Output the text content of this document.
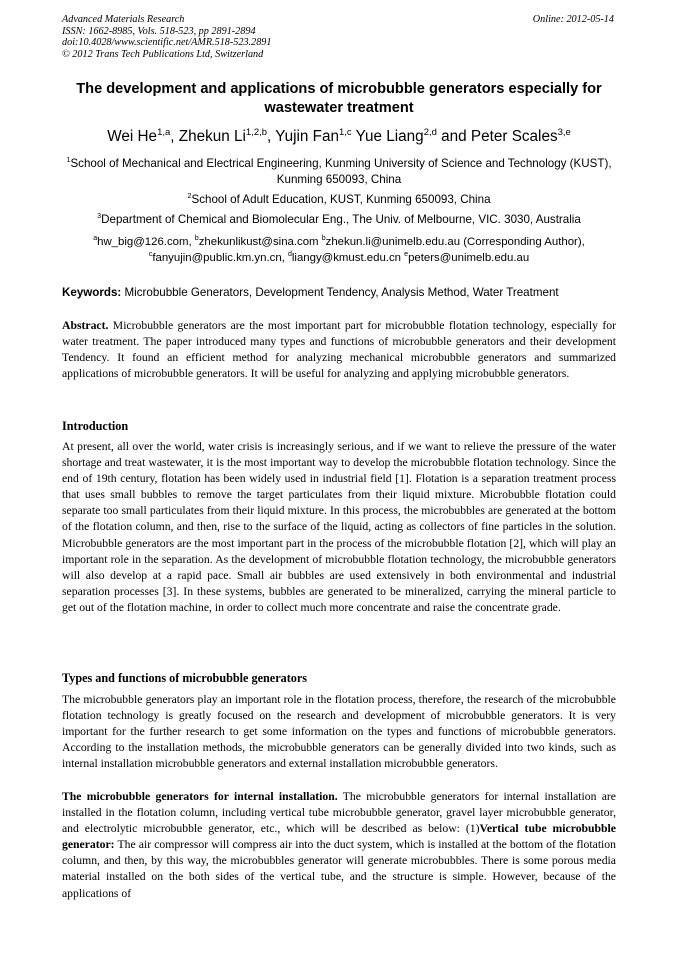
Advanced Materials Research
ISSN: 1662-8985, Vols. 518-523, pp 2891-2894
doi:10.4028/www.scientific.net/AMR.518-523.2891
© 2012 Trans Tech Publications Ltd, Switzerland
Online: 2012-05-14
The development and applications of microbubble generators especially for wastewater treatment
Wei He$^{1,a}$, Zhekun Li$^{1,2,b}$, Yujin Fan$^{1,c}$ Yue Liang$^{2,d}$ and Peter Scales$^{3,e}$
$^1$School of Mechanical and Electrical Engineering, Kunming University of Science and Technology (KUST), Kunming 650093, China
$^2$School of Adult Education, KUST, Kunming 650093, China
$^3$Department of Chemical and Biomolecular Eng., The Univ. of Melbourne, VIC. 3030, Australia
$^a$hw_big@126.com, $^b$zhekunlikust@sina.com $^b$zhekun.li@unimelb.edu.au (Corresponding Author),
$^c$fanyujin@public.km.yn.cn, $^d$liangy@kmust.edu.cn $^e$peters@unimelb.edu.au
Keywords: Microbubble Generators, Development Tendency, Analysis Method, Water Treatment
Abstract. Microbubble generators are the most important part for microbubble flotation technology, especially for water treatment. The paper introduced many types and functions of microbubble generators and their development Tendency. It found an efficient method for analyzing mechanical microbubble generators and summarized applications of microbubble generators. It will be useful for analyzing and applying microbubble generators.
Introduction
At present, all over the world, water crisis is increasingly serious, and if we want to relieve the pressure of the water shortage and treat wastewater, it is the most important way to develop the microbubble flotation technology. Since the end of 19th century, flotation has been widely used in industrial field [1]. Flotation is a separation treatment process that uses small bubbles to remove the target particulates from their liquid mixture. Microbubble flotation could separate too small particulates from their liquid mixture. In this process, the microbubbles are generated at the bottom of the flotation column, and then, rise to the surface of the liquid, acting as collectors of fine particles in the solution. Microbubble generators are the most important part in the process of the microbubble flotation [2], which will play an important role in the separation. As the development of microbubble flotation technology, the microbubble generators will also develop at a rapid pace. Small air bubbles are used extensively in both environmental and industrial separation processes [3]. In these systems, bubbles are generated to be mineralized, carrying the mineral particle to get out of the flotation machine, in order to collect much more concentrate and raise the concentrate grade.
Types and functions of microbubble generators
The microbubble generators play an important role in the flotation process, therefore, the research of the microbubble flotation technology is greatly focused on the research and development of microbubble generators. It is very important for the further research to get some information on the types and functions of microbubble generators. According to the installation methods, the microbubble generators can be generally divided into two kinds, such as internal installation microbubble generators and external installation microbubble generators.
The microbubble generators for internal installation. The microbubble generators for internal installation are installed in the flotation column, including vertical tube microbubble generator, gravel layer microbubble generator, and electrolytic microbubble generator, etc., which will be described as below: (1)Vertical tube microbubble generator: The air compressor will compress air into the duct system, which is installed at the bottom of the flotation column, and then, by this way, the microbubbles generator will generate microbubbles. There is some porous media material installed on the both sides of the vertical tube, and the structure is simple. However, because of the applications of
